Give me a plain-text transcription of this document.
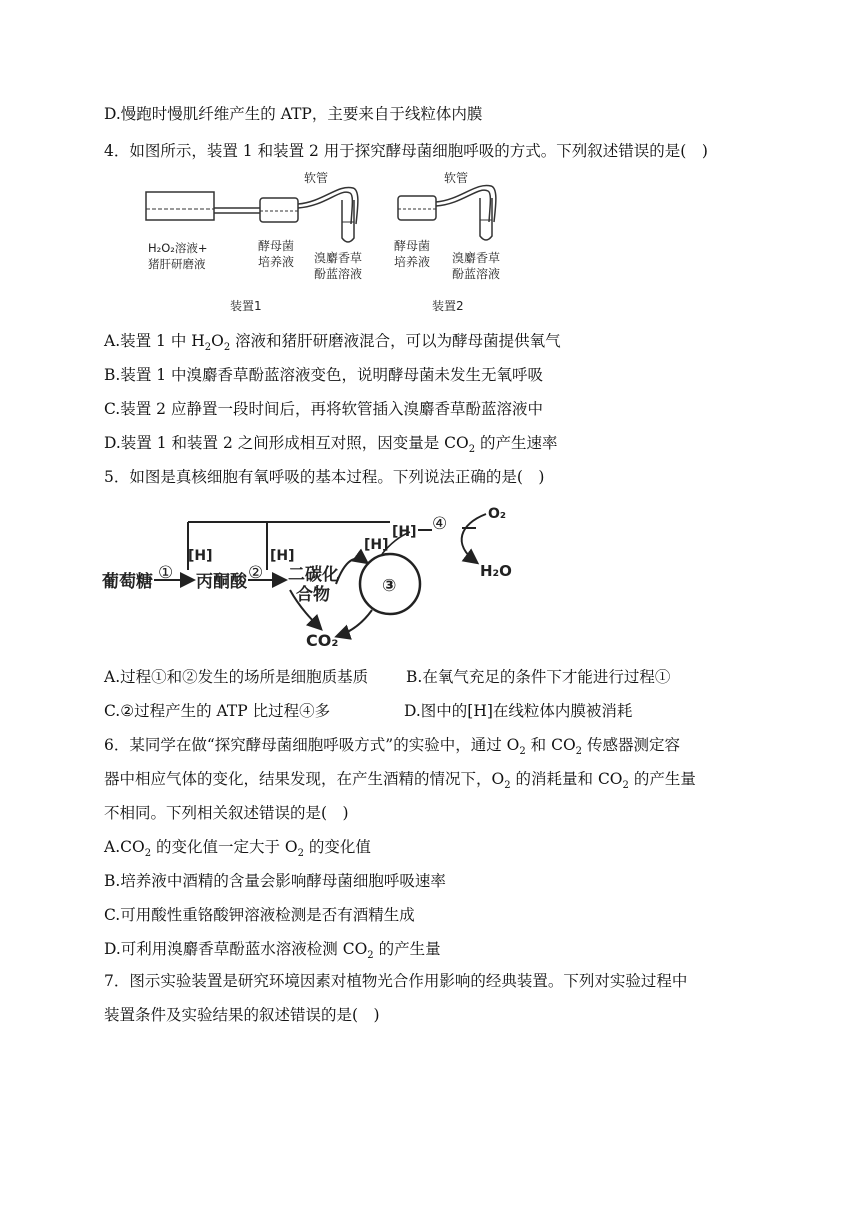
D.慢跑时慢肌纤维产生的 ATP，主要来自于线粒体内膜
4．如图所示，装置 1 和装置 2 用于探究酵母菌细胞呼吸的方式。下列叙述错误的是(　)
软管
H₂O₂溶液+
猪肝研磨液
酵母菌
培养液 溴麝香草
酚蓝溶液
装置1
软管
酵母菌
培养液 溴麝香草
酚蓝溶液
装置2
A.装置 1 中 $H_2O_2$ 溶液和猪肝研磨液混合，可以为酵母菌提供氧气
B.装置 1 中溴麝香草酚蓝溶液变色，说明酵母菌未发生无氧呼吸
C.装置 2 应静置一段时间后，再将软管插入溴麝香草酚蓝溶液中
D.装置 1 和装置 2 之间形成相互对照，因变量是 $CO_2$ 的产生速率
5．如图是真核细胞有氧呼吸的基本过程。下列说法正确的是(　)
葡萄糖 ①
[H]
丙酮酸 ②
[H]
二碳化
合物
[H]
③
[H] ④	O₂
H₂O
CO₂
A.过程①和②发生的场所是细胞质基质 B.在氧气充足的条件下才能进行过程①
C.②过程产生的 ATP 比过程④多	D.图中的[H]在线粒体内膜被消耗
6．某同学在做“探究酵母菌细胞呼吸方式”的实验中，通过 $O_2$ 和 $CO_2$ 传感器测定容
器中相应气体的变化，结果发现，在产生酒精的情况下，$O_2$ 的消耗量和 $CO_2$ 的产生量
不相同。下列相关叙述错误的是(　)
$A.CO_2$ 的变化值一定大于 $O_2$ 的变化值
B.培养液中酒精的含量会影响酵母菌细胞呼吸速率
C.可用酸性重铬酸钾溶液检测是否有酒精生成
D.可利用溴麝香草酚蓝水溶液检测 $CO_2$ 的产生量
7．图示实验装置是研究环境因素对植物光合作用影响的经典装置。下列对实验过程中
装置条件及实验结果的叙述错误的是(　)
